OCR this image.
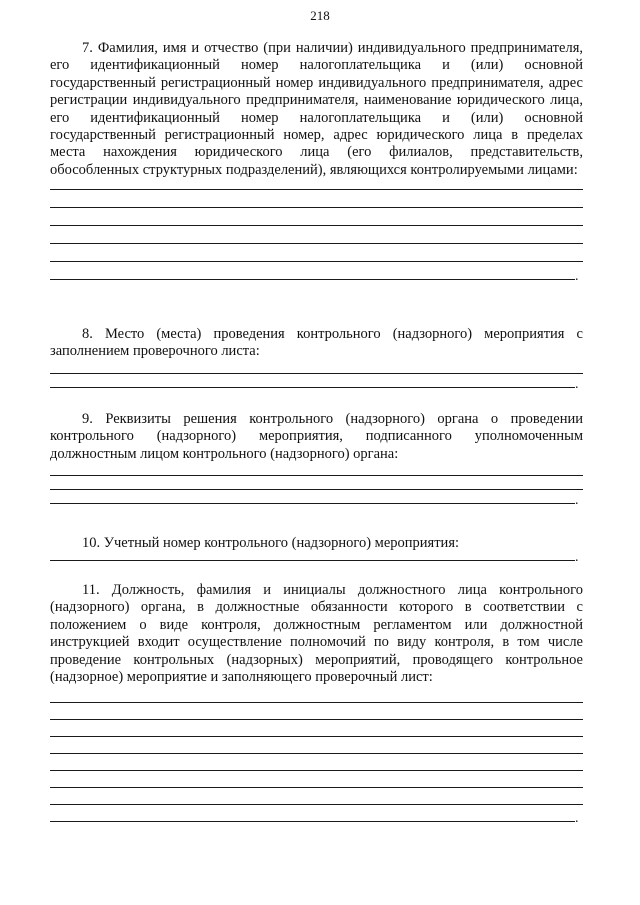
218

7. Фамилия, имя и отчество (при наличии) индивидуального предпринимателя, его идентификационный номер налогоплательщика и (или) основной государственный регистрационный номер индивидуального предпринимателя, адрес регистрации индивидуального предпринимателя, наименование юридического лица, его идентификационный номер налогоплательщика и (или) основной государственный регистрационный номер, адрес юридического лица в пределах места нахождения юридического лица (его филиалов, представительств, обособленных структурных подразделений), являющихся контролируемыми лицами:

.

8. Место (места) проведения контрольного (надзорного) мероприятия с заполнением проверочного листа:

.

9. Реквизиты решения контрольного (надзорного) органа о проведении контрольного (надзорного) мероприятия, подписанного уполномоченным должностным лицом контрольного (надзорного) органа:

.

10. Учетный номер контрольного (надзорного) мероприятия:

.

11. Должность, фамилия и инициалы должностного лица контрольного (надзорного) органа, в должностные обязанности которого в соответствии с положением о виде контроля, должностным регламентом или должностной инструкцией входит осуществление полномочий по виду контроля, в том числе проведение контрольных (надзорных) мероприятий, проводящего контрольное (надзорное) мероприятие и заполняющего проверочный лист:

.
